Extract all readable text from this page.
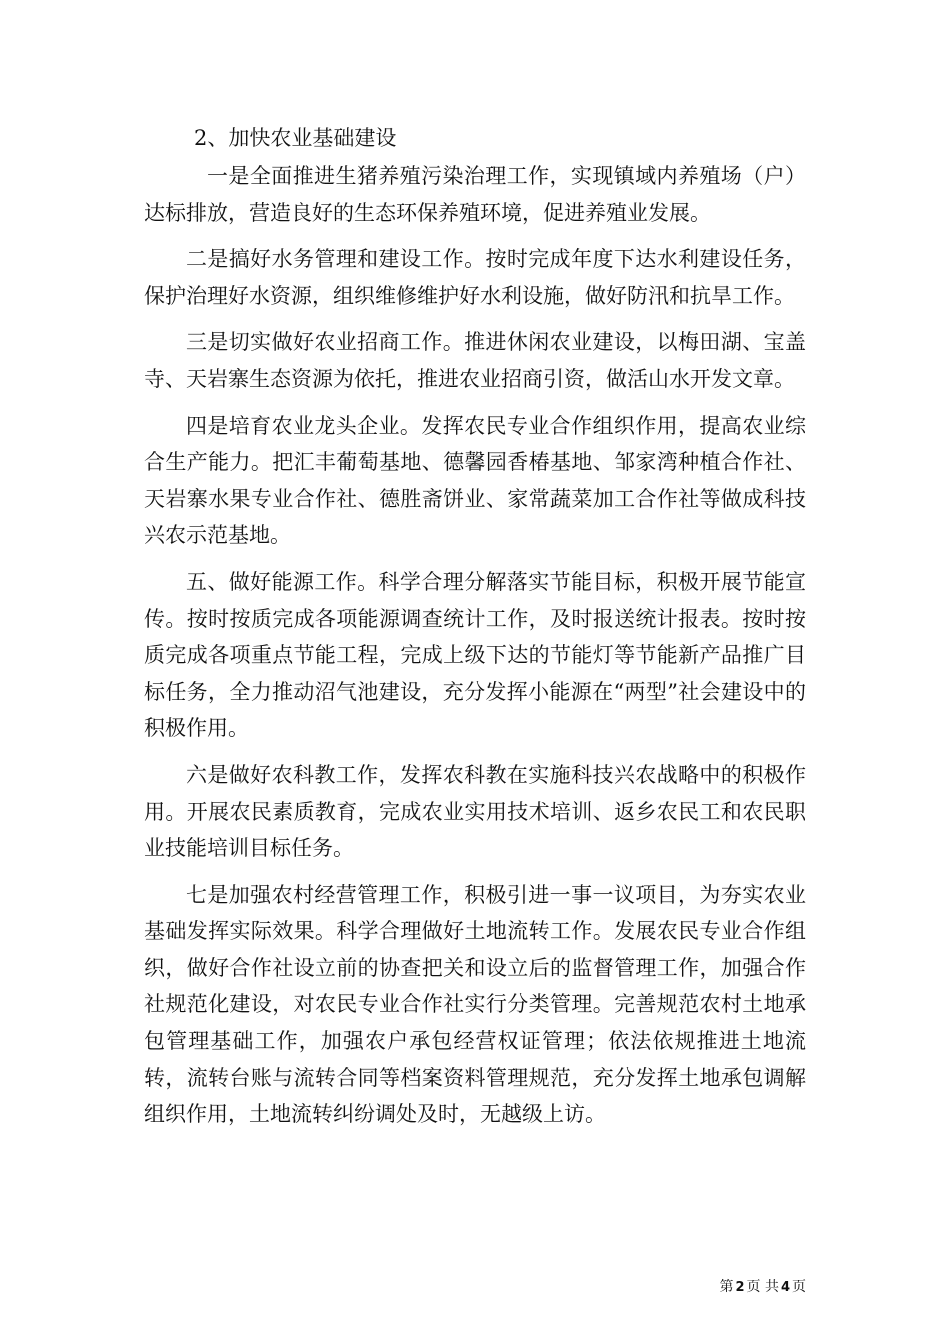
2、加快农业基础建设

一是全面推进生猪养殖污染治理工作，实现镇域内养殖场（户）达标排放，营造良好的生态环保养殖环境，促进养殖业发展。

二是搞好水务管理和建设工作。按时完成年度下达水利建设任务，保护治理好水资源，组织维修维护好水利设施，做好防汛和抗旱工作。

三是切实做好农业招商工作。推进休闲农业建设，以梅田湖、宝盖寺、天岩寨生态资源为依托，推进农业招商引资，做活山水开发文章。

四是培育农业龙头企业。发挥农民专业合作组织作用，提高农业综合生产能力。把汇丰葡萄基地、德馨园香椿基地、邹家湾种植合作社、天岩寨水果专业合作社、德胜斋饼业、家常蔬菜加工合作社等做成科技兴农示范基地。

五、做好能源工作。科学合理分解落实节能目标，积极开展节能宣传。按时按质完成各项能源调查统计工作，及时报送统计报表。按时按质完成各项重点节能工程，完成上级下达的节能灯等节能新产品推广目标任务，全力推动沼气池建设，充分发挥小能源在“两型”社会建设中的积极作用。

六是做好农科教工作，发挥农科教在实施科技兴农战略中的积极作用。开展农民素质教育，完成农业实用技术培训、返乡农民工和农民职业技能培训目标任务。

七是加强农村经营管理工作，积极引进一事一议项目，为夯实农业基础发挥实际效果。科学合理做好土地流转工作。发展农民专业合作组织，做好合作社设立前的协查把关和设立后的监督管理工作，加强合作社规范化建设，对农民专业合作社实行分类管理。完善规范农村土地承包管理基础工作，加强农户承包经营权证管理；依法依规推进土地流转，流转台账与流转合同等档案资料管理规范，充分发挥土地承包调解组织作用，土地流转纠纷调处及时，无越级上访。

第 2 页 共 4 页
